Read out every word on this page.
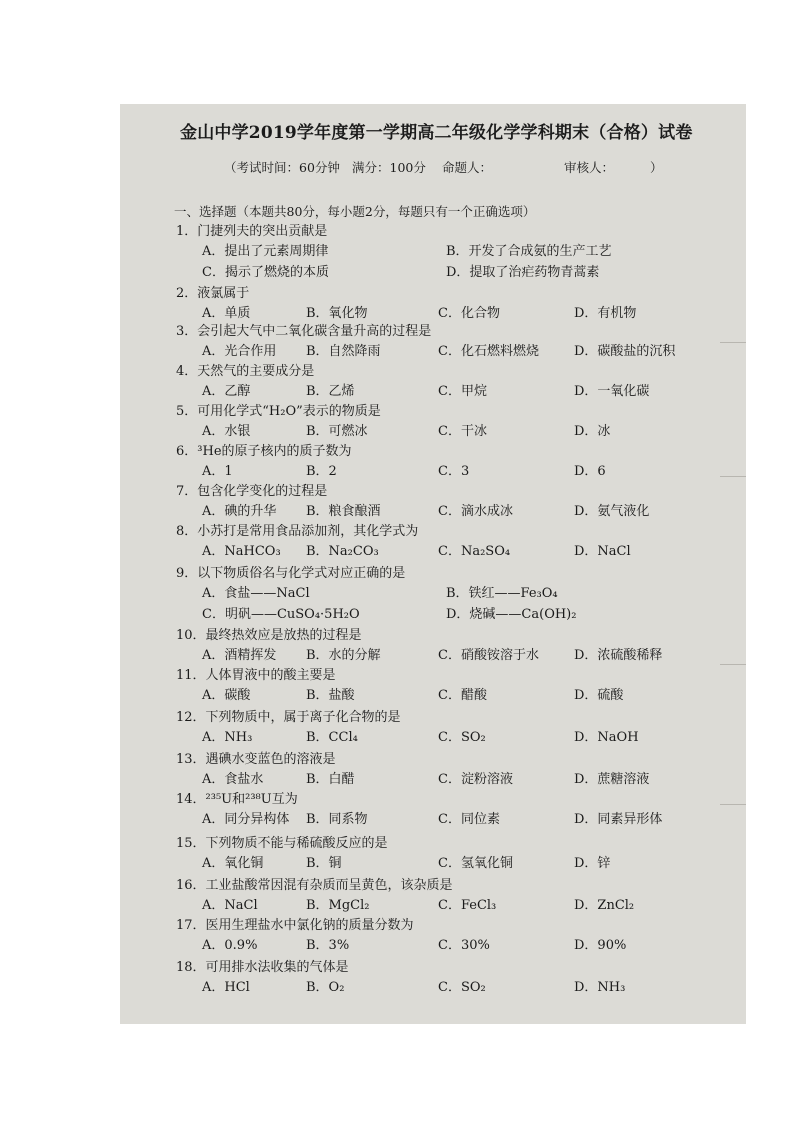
金山中学2019学年度第一学期高二年级化学学科期末（合格）试卷
（考试时间：60分钟 满分：100分 命题人：	审核人：	）
一、选择题（本题共80分，每小题2分，每题只有一个正确选项）
1．门捷列夫的突出贡献是
A．提出了元素周期律	B．开发了合成氨的生产工艺
C．揭示了燃烧的本质	D．提取了治疟药物青蒿素
2．液氯属于
A．单质	B．氧化物	C．化合物	D．有机物
3．会引起大气中二氧化碳含量升高的过程是
A．光合作用 B．自然降雨	C．化石燃料燃烧	D．碳酸盐的沉积
4．天然气的主要成分是
A．乙醇	B．乙烯	C．甲烷	D．一氧化碳
5．可用化学式“H₂O”表示的物质是
A．水银	B．可燃冰	C．干冰	D．冰
6．³He的原子核内的质子数为
A．1	B．2	C．3	D．6
7．包含化学变化的过程是
A．碘的升华 B．粮食酿酒	C．滴水成冰	D．氨气液化
8．小苏打是常用食品添加剂，其化学式为
A．NaHCO₃ B．Na₂CO₃	C．Na₂SO₄	D．NaCl
9．以下物质俗名与化学式对应正确的是
A．食盐——NaCl	B．铁红——Fe₃O₄
C．明矾——CuSO₄·5H₂O	D．烧碱——Ca(OH)₂
10．最终热效应是放热的过程是
A．酒精挥发 B．水的分解	C．硝酸铵溶于水	D．浓硫酸稀释
11．人体胃液中的酸主要是
A．碳酸	B．盐酸	C．醋酸	D．硫酸
12．下列物质中，属于离子化合物的是
A．NH₃	B．CCl₄	C．SO₂	D．NaOH
13．遇碘水变蓝色的溶液是
A．食盐水	B．白醋	C．淀粉溶液	D．蔗糖溶液
14．²³⁵U和²³⁸U互为
A．同分异构体 B．同系物	C．同位素	D．同素异形体
15．下列物质不能与稀硫酸反应的是
A．氧化铜	B．铜	C．氢氧化铜	D．锌
16．工业盐酸常因混有杂质而呈黄色，该杂质是
A．NaCl	B．MgCl₂	C．FeCl₃	D．ZnCl₂
17．医用生理盐水中氯化钠的质量分数为
A．0.9%	B．3%	C．30%	D．90%
18．可用排水法收集的气体是
A．HCl	B．O₂	C．SO₂	D．NH₃
